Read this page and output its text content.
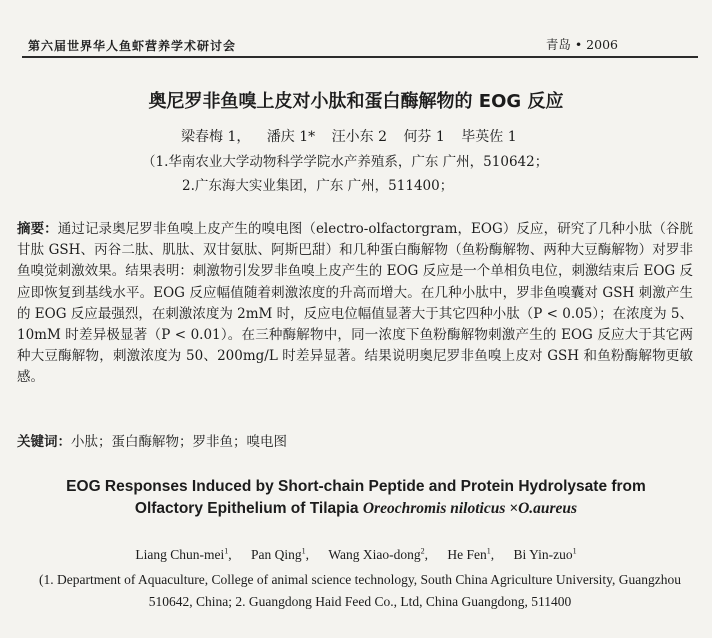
第六届世界华人鱼虾营养学术研讨会	青岛 • 2006
奥尼罗非鱼嗅上皮对小肽和蛋白酶解物的 EOG 反应
梁春梅 1， 潘庆 1* 汪小东 2 何芬 1 毕英佐 1
（1.华南农业大学动物科学学院水产养殖系，广东 广州，510642；
2.广东海大实业集团，广东 广州，511400；
摘要：通过记录奥尼罗非鱼嗅上皮产生的嗅电图（electro-olfactorgram，EOG）反应，研究了几种小肽（谷胱甘肽 GSH、丙谷二肽、肌肽、双甘氨肽、阿斯巴甜）和几种蛋白酶解物（鱼粉酶解物、两种大豆酶解物）对罗非鱼嗅觉刺激效果。结果表明：刺激物引发罗非鱼嗅上皮产生的 EOG 反应是一个单相负电位，刺激结束后 EOG 反应即恢复到基线水平。EOG 反应幅值随着刺激浓度的升高而增大。在几种小肽中，罗非鱼嗅囊对 GSH 刺激产生的 EOG 反应最强烈，在刺激浓度为 2mM 时，反应电位幅值显著大于其它四种小肽（P < 0.05）；在浓度为 5、10mM 时差异极显著（P < 0.01）。在三种酶解物中，同一浓度下鱼粉酶解物刺激产生的 EOG 反应大于其它两种大豆酶解物，刺激浓度为 50、200mg/L 时差异显著。结果说明奥尼罗非鱼嗅上皮对 GSH 和鱼粉酶解物更敏感。
关键词：小肽；蛋白酶解物；罗非鱼；嗅电图
EOG Responses Induced by Short-chain Peptide and Protein Hydrolysate from
Olfactory Epithelium of Tilapia Oreochromis niloticus ×O.aureus
Liang Chun-mei$^1$, Pan Qing$^1$, Wang Xiao-dong$^2$, He Fen$^1$, Bi Yin-zuo$^1$
(1. Department of Aquaculture, College of animal science technology, South China Agriculture University, Guangzhou 510642, China; 2. Guangdong Haid Feed Co., Ltd, China Guangdong, 511400
